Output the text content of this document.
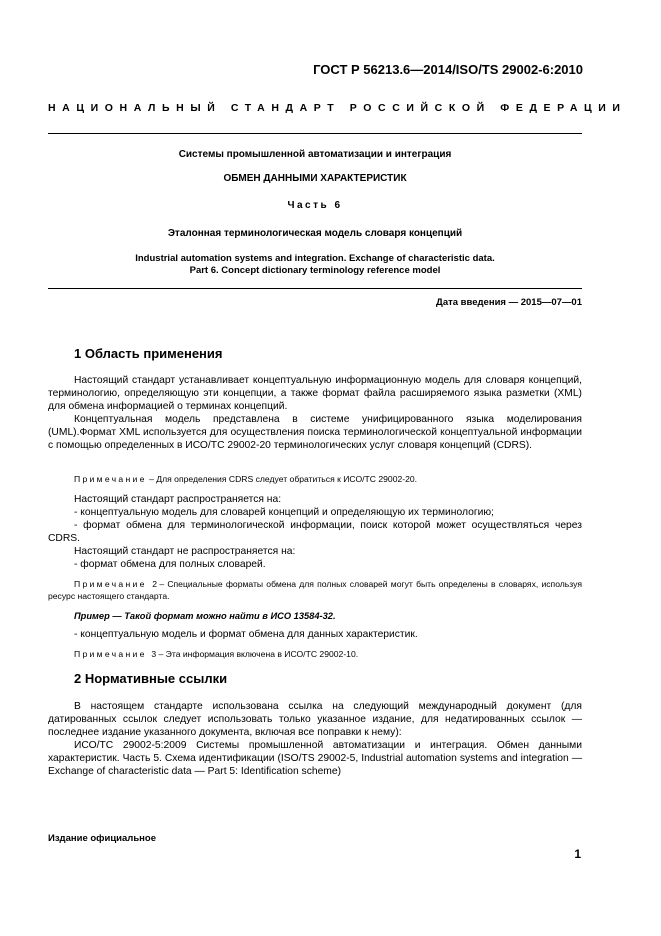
ГОСТ Р 56213.6—2014/ISO/TS 29002-6:2010
НАЦИОНАЛЬНЫЙ СТАНДАРТ РОССИЙСКОЙ ФЕДЕРАЦИИ
Системы промышленной автоматизации и интеграция
ОБМЕН ДАННЫМИ ХАРАКТЕРИСТИК
Часть 6
Эталонная терминологическая модель словаря концепций
Industrial automation systems and integration. Exchange of characteristic data.
Part 6. Concept dictionary terminology reference model
Дата введения — 2015—07—01
1 Область применения
Настоящий стандарт устанавливает концептуальную информационную модель для словаря концепций, терминологию, определяющую эти концепции, а также формат файла расширяемого языка разметки (XML) для обмена информацией о терминах концепций.
Концептуальная модель представлена в системе унифицированного языка моделирования (UML).Формат XML используется для осуществления поиска терминологической концептуальной информации с помощью определенных в ИСО/ТС 29002-20 терминологических услуг словаря концепций (CDRS).
Примечание – Для определения CDRS следует обратиться к ИСО/ТС 29002-20.
Настоящий стандарт распространяется на:
- концептуальную модель для словарей концепций и определяющую их терминологию;
- формат обмена для терминологической информации, поиск которой может осуществляться через CDRS.
Настоящий стандарт не распространяется на:
- формат обмена для полных словарей.
Примечание 2– Специальные форматы обмена для полных словарей могут быть определены в словарях, используя ресурс настоящего стандарта.
Пример — Такой формат можно найти в ИСО 13584-32.
- концептуальную модель и формат обмена для данных характеристик.
Примечание 3– Эта информация включена в ИСО/ТС 29002-10.
2 Нормативные ссылки
В настоящем стандарте использована ссылка на следующий международный документ (для датированных ссылок следует использовать только указанное издание, для недатированных ссылок — последнее издание указанного документа, включая все поправки к нему):
ИСО/ТС 29002-5:2009 Системы промышленной автоматизации и интеграция. Обмен данными характеристик. Часть 5. Схема идентификации (ISO/TS 29002-5, Industrial automation systems and integration — Exchange of characteristic data — Part 5: Identification scheme)
Издание официальное
1
